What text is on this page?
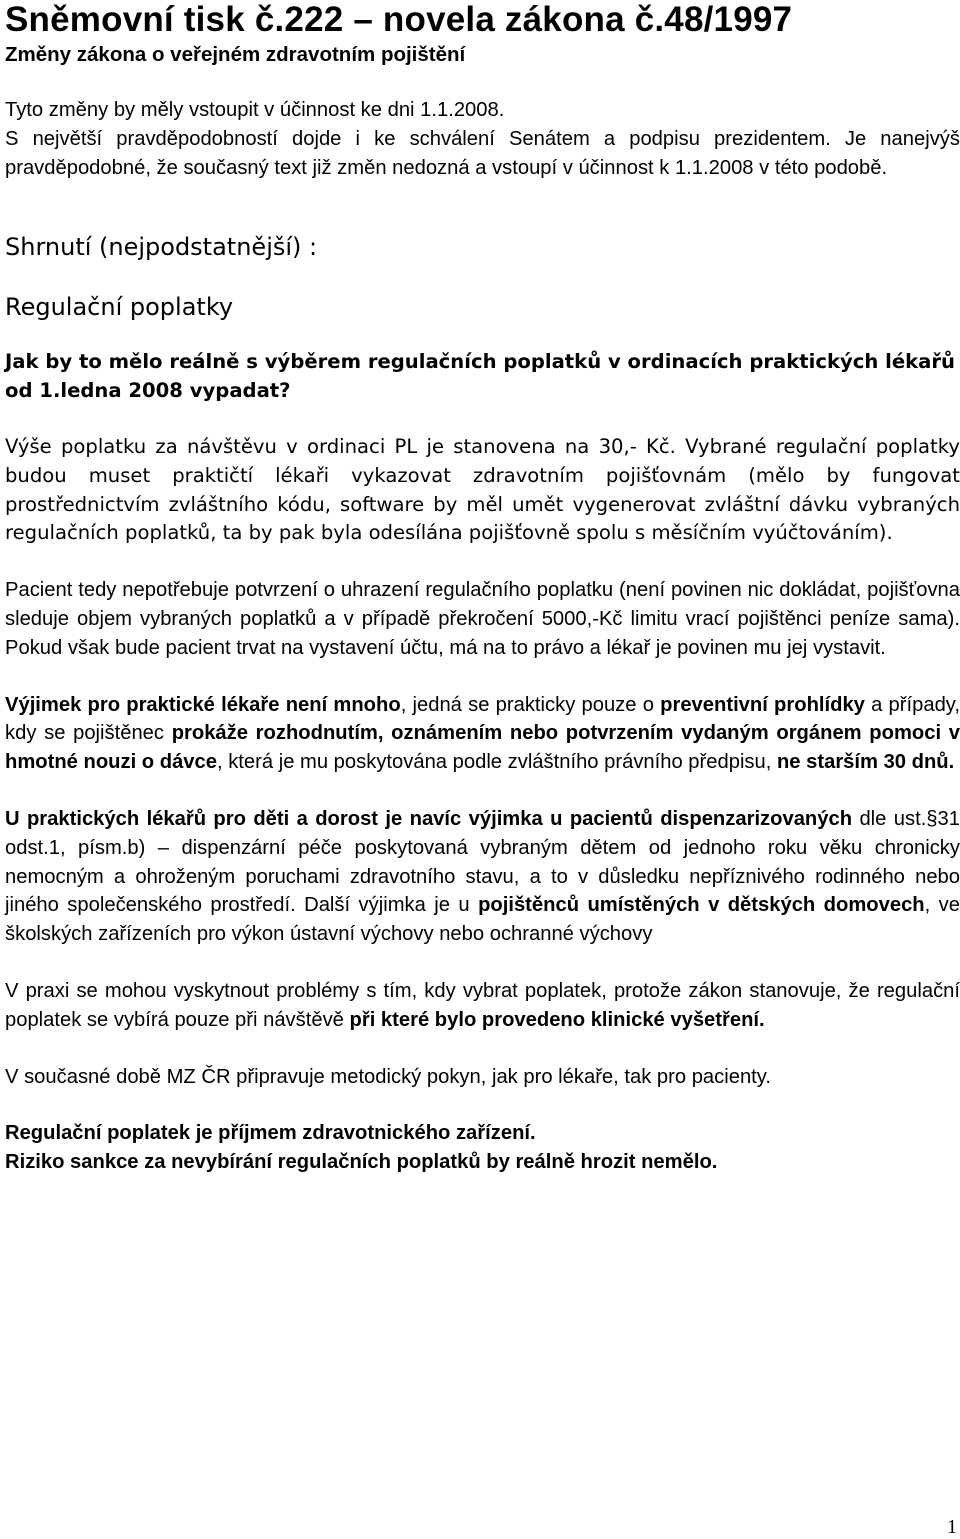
Sněmovní tisk č.222 – novela zákona č.48/1997

Změny zákona o veřejném zdravotním pojištění

Tyto změny by měly vstoupit v účinnost ke dni 1.1.2008.

S největší pravděpodobností dojde i ke schválení Senátem a podpisu prezidentem. Je nanejvýš pravděpodobné, že současný text již změn nedozná a vstoupí v účinnost k 1.1.2008 v této podobě.

Shrnutí (nejpodstatnější) :

Regulační poplatky

Jak by to mělo reálně s výběrem regulačních poplatků v ordinacích praktických lékařů od 1.ledna 2008 vypadat?

Výše poplatku za návštěvu v ordinaci PL je stanovena na 30,- Kč. Vybrané regulační poplatky budou muset praktičtí lékaři vykazovat zdravotním pojišťovnám (mělo by fungovat prostřednictvím zvláštního kódu, software by měl umět vygenerovat zvláštní dávku vybraných regulačních poplatků, ta by pak byla odesílána pojišťovně spolu s měsíčním vyúčtováním).

Pacient tedy nepotřebuje potvrzení o uhrazení regulačního poplatku (není povinen nic dokládat, pojišťovna sleduje objem vybraných poplatků a v případě překročení 5000,-Kč limitu vrací pojištěnci peníze sama). Pokud však bude pacient trvat na vystavení účtu, má na to právo a lékař je povinen mu jej vystavit.

Výjimek pro praktické lékaře není mnoho, jedná se prakticky pouze o preventivní prohlídky a případy, kdy se pojištěnec prokáže rozhodnutím, oznámením nebo potvrzením vydaným orgánem pomoci v hmotné nouzi o dávce, která je mu poskytována podle zvláštního právního předpisu, ne starším 30 dnů.

U praktických lékařů pro děti a dorost je navíc výjimka u pacientů dispenzarizovaných dle ust.§31 odst.1, písm.b) – dispenzární péče poskytovaná vybraným dětem od jednoho roku věku chronicky nemocným a ohroženým poruchami zdravotního stavu, a to v důsledku nepříznivého rodinného nebo jiného společenského prostředí. Další výjimka je u pojištěnců umístěných v dětských domovech, ve školských zařízeních pro výkon ústavní výchovy nebo ochranné výchovy

V praxi se mohou vyskytnout problémy s tím, kdy vybrat poplatek, protože zákon stanovuje, že regulační poplatek se vybírá pouze při návštěvě při které bylo provedeno klinické vyšetření.

V současné době MZ ČR připravuje metodický pokyn, jak pro lékaře, tak pro pacienty.

Regulační poplatek je příjmem zdravotnického zařízení.

Riziko sankce za nevybírání regulačních poplatků by reálně hrozit nemělo.

1
